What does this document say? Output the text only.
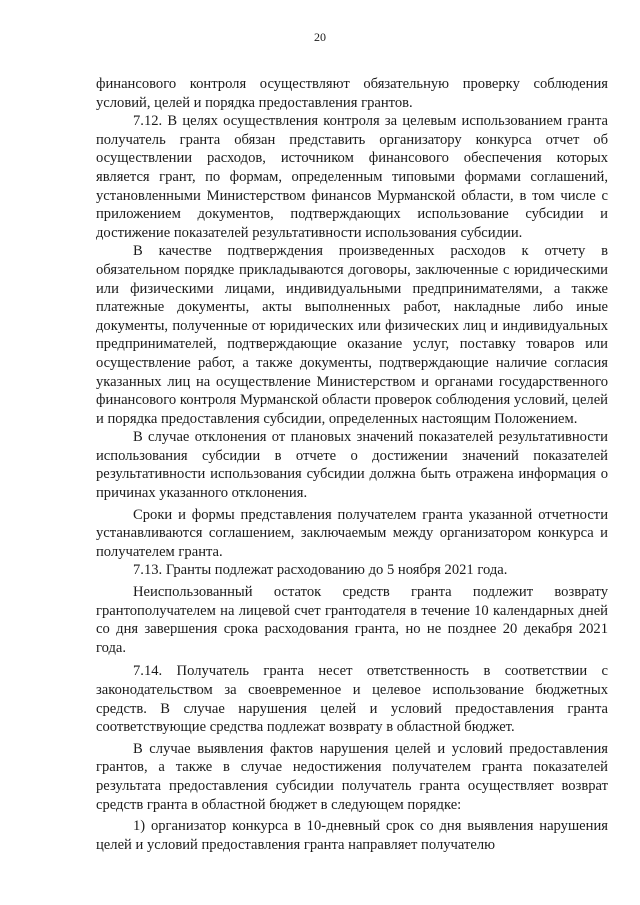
20

финансового контроля осуществляют обязательную проверку соблюдения условий, целей и порядка предоставления грантов.

7.12. В целях осуществления контроля за целевым использованием гранта получатель гранта обязан представить организатору конкурса отчет об осуществлении расходов, источником финансового обеспечения которых является грант, по формам, определенным типовыми формами соглашений, установленными Министерством финансов Мурманской области, в том числе с приложением документов, подтверждающих использование субсидии и достижение показателей результативности использования субсидии.

В качестве подтверждения произведенных расходов к отчету в обязательном порядке прикладываются договоры, заключенные с юридическими или физическими лицами, индивидуальными предпринимателями, а также платежные документы, акты выполненных работ, накладные либо иные документы, полученные от юридических или физических лиц и индивидуальных предпринимателей, подтверждающие оказание услуг, поставку товаров или осуществление работ, а также документы, подтверждающие наличие согласия указанных лиц на осуществление Министерством и органами государственного финансового контроля Мурманской области проверок соблюдения условий, целей и порядка предоставления субсидии, определенных настоящим Положением.

В случае отклонения от плановых значений показателей результативности использования субсидии в отчете о достижении значений показателей результативности использования субсидии должна быть отражена информация о причинах указанного отклонения.

Сроки и формы представления получателем гранта указанной отчетности устанавливаются соглашением, заключаемым между организатором конкурса и получателем гранта.

7.13. Гранты подлежат расходованию до 5 ноября 2021 года.

Неиспользованный остаток средств гранта подлежит возврату грантополучателем на лицевой счет грантодателя в течение 10 календарных дней со дня завершения срока расходования гранта, но не позднее 20 декабря 2021 года.

7.14. Получатель гранта несет ответственность в соответствии с законодательством за своевременное и целевое использование бюджетных средств. В случае нарушения целей и условий предоставления гранта соответствующие средства подлежат возврату в областной бюджет.

В случае выявления фактов нарушения целей и условий предоставления грантов, а также в случае недостижения получателем гранта показателей результата предоставления субсидии получатель гранта осуществляет возврат средств гранта в областной бюджет в следующем порядке:

1) организатор конкурса в 10-дневный срок со дня выявления нарушения целей и условий предоставления гранта направляет получателю
